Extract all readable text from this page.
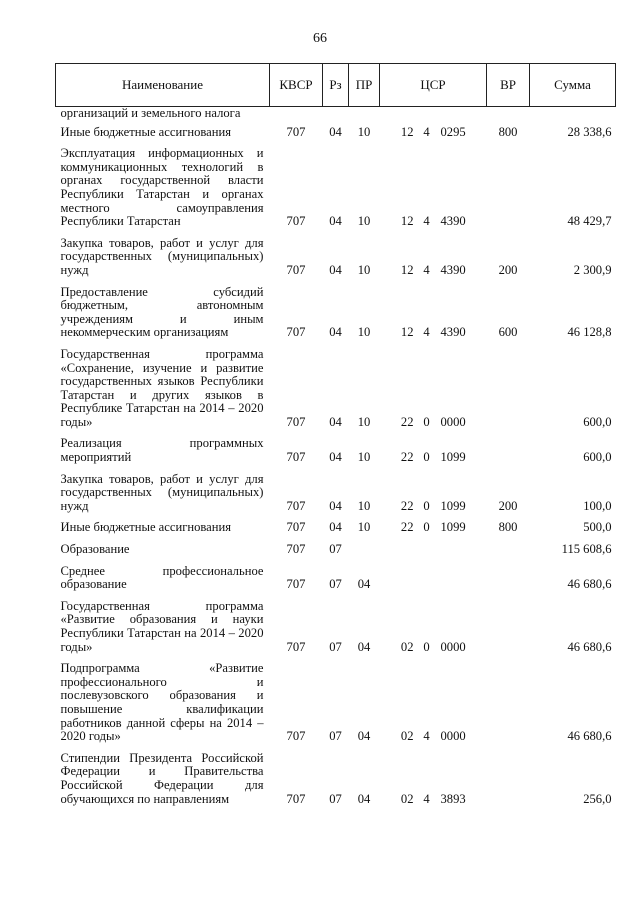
66
Наименование	КВСР	Рз	ПР	ЦСР			ВР	Сумма
организаций и земельного налога								
Иные бюджетные ассигнования	707	04	10	12	4	0295	800	28 338,6
Эксплуатация информационных и коммуникационных технологий в органах государственной власти Республики Татарстан и органах местного самоуправления Республики Татарстан	707	04	10	12	4	4390		48 429,7
Закупка товаров, работ и услуг для государственных (муниципальных) нужд	707	04	10	12	4	4390	200	2 300,9
Предоставление субсидий бюджетным, автономным учреждениям и иным некоммерческим организациям	707	04	10	12	4	4390	600	46 128,8
Государственная программа «Сохранение, изучение и развитие государственных языков Республики Татарстан и других языков в Республике Татарстан на 2014 – 2020 годы»	707	04	10	22	0	0000		600,0
Реализация программных мероприятий	707	04	10	22	0	1099		600,0
Закупка товаров, работ и услуг для государственных (муниципальных) нужд	707	04	10	22	0	1099	200	100,0
Иные бюджетные ассигнования	707	04	10	22	0	1099	800	500,0
Образование	707	07						115 608,6
Среднее профессиональное образование	707	07	04					46 680,6
Государственная программа «Развитие образования и науки Республики Татарстан на 2014 – 2020 годы»	707	07	04	02	0	0000		46 680,6
Подпрограмма «Развитие профессионального и послевузовского образования и повышение квалификации работников данной сферы на 2014 – 2020 годы»	707	07	04	02	4	0000		46 680,6
Стипендии Президента Российской Федерации и Правительства Российской Федерации для обучающихся по направлениям	707	07	04	02	4	3893		256,0
